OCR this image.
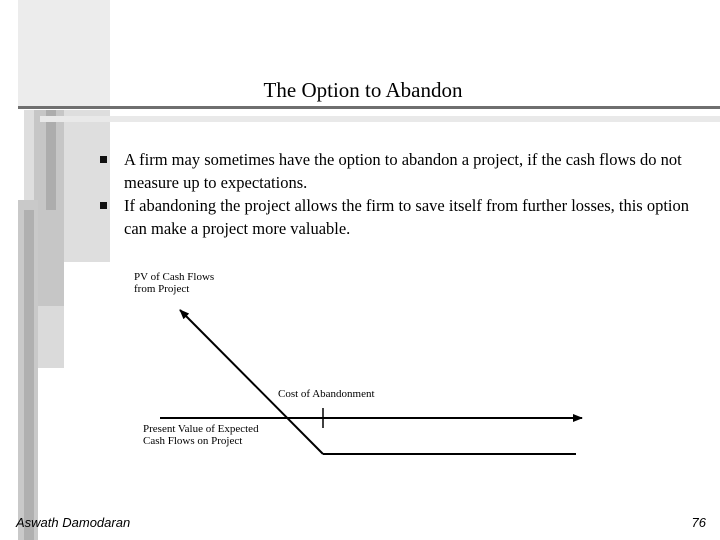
The Option to Abandon
A firm may sometimes have the option to abandon a project, if the cash flows do not measure up to expectations.
If abandoning the project allows the firm to save itself from further losses, this option can make a project more valuable.
PV of Cash Flows from Project
Cost of Abandonment
Present Value of Expected Cash Flows on Project
Aswath Damodaran	76
